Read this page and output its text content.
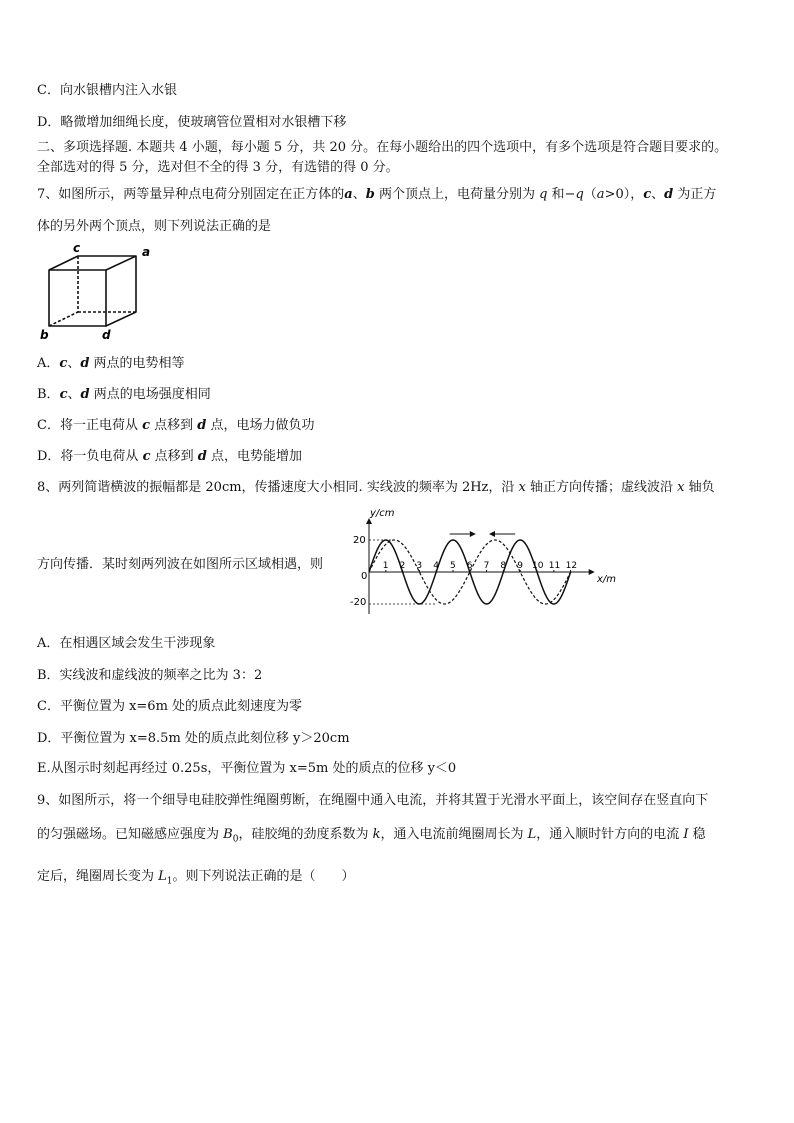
C．向水银槽内注入水银
D．略微增加细绳长度，使玻璃管位置相对水银槽下移
二、多项选择题. 本题共 4 小题，每小题 5 分，共 20 分。在每小题给出的四个选项中，有多个选项是符合题目要求的。
全部选对的得 5 分，选对但不全的得 3 分，有选错的得 0 分。
7、如图所示，两等量异种点电荷分别固定在正方体的a、b 两个顶点上，电荷量分别为 q 和−q（a>0），c、d 为正方
体的另外两个顶点，则下列说法正确的是
c	a
b	d
A．c、d 两点的电势相等
B．c、d 两点的电场强度相同
C．将一正电荷从 c 点移到 d 点，电场力做负功
D．将一负电荷从 c 点移到 d 点，电势能增加
8、两列简谐横波的振幅都是 20cm，传播速度大小相同. 实线波的频率为 2Hz，沿 x 轴正方向传播；虚线波沿 x 轴负
方向传播．某时刻两列波在如图所示区域相遇，则
y/cm
x/m
0
20
-20
1 2 3 4 5 6 7 8 9 10 11 12
A．在相遇区域会发生干涉现象
B．实线波和虚线波的频率之比为 3：2
C．平衡位置为 x=6m 处的质点此刻速度为零
D．平衡位置为 x=8.5m 处的质点此刻位移 y＞20cm
E.从图示时刻起再经过 0.25s，平衡位置为 x=5m 处的质点的位移 y＜0
9、如图所示，将一个细导电硅胶弹性绳圈剪断，在绳圈中通入电流，并将其置于光滑水平面上，该空间存在竖直向下
的匀强磁场。已知磁感应强度为 $B_0$，硅胶绳的劲度系数为 k，通入电流前绳圈周长为 L，通入顺时针方向的电流 I 稳
定后，绳圈周长变为 $L_1$。则下列说法正确的是（　　）
